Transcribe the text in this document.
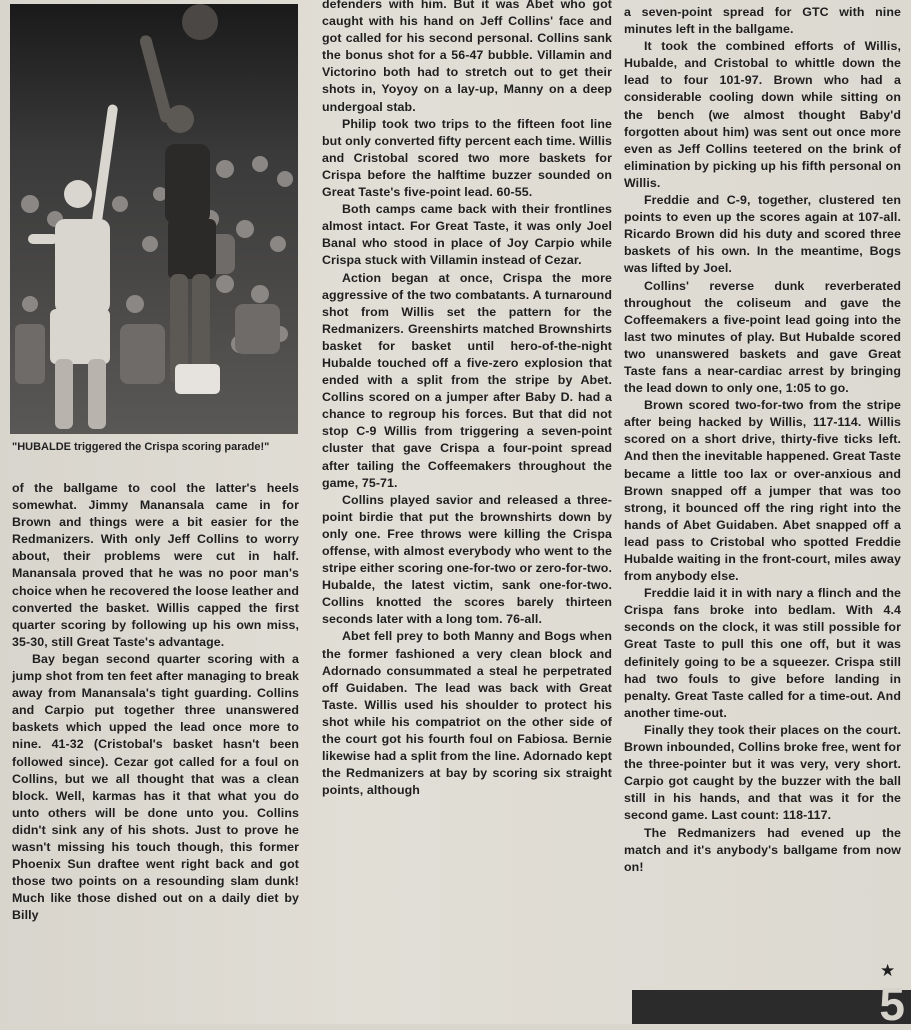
"HUBALDE triggered the Crispa scoring parade!"

of the ballgame to cool the latter's heels somewhat. Jimmy Manansala came in for Brown and things were a bit easier for the Redmanizers. With only Jeff Collins to worry about, their problems were cut in half. Manansala proved that he was no poor man's choice when he recovered the loose leather and converted the basket. Willis capped the first quarter scoring by following up his own miss, 35-30, still Great Taste's advantage.

Bay began second quarter scoring with a jump shot from ten feet after managing to break away from Manansala's tight guarding. Collins and Carpio put together three unanswered baskets which upped the lead once more to nine. 41-32 (Cristobal's basket hasn't been followed since). Cezar got called for a foul on Collins, but we all thought that was a clean block. Well, karmas has it that what you do unto others will be done unto you. Collins didn't sink any of his shots. Just to prove he wasn't missing his touch though, this former Phoenix Sun draftee went right back and got those two points on a resounding slam dunk! Much like those dished out on a daily diet by Billy

defenders with him. But it was Abet who got caught with his hand on Jeff Collins' face and got called for his second personal. Collins sank the bonus shot for a 56-47 bubble. Villamin and Victorino both had to stretch out to get their shots in, Yoyoy on a lay-up, Manny on a deep undergoal stab.

Philip took two trips to the fifteen foot line but only converted fifty percent each time. Willis and Cristobal scored two more baskets for Crispa before the halftime buzzer sounded on Great Taste's five-point lead. 60-55.

Both camps came back with their frontlines almost intact. For Great Taste, it was only Joel Banal who stood in place of Joy Carpio while Crispa stuck with Villamin instead of Cezar.

Action began at once, Crispa the more aggressive of the two combatants. A turnaround shot from Willis set the pattern for the Redmanizers. Greenshirts matched Brownshirts basket for basket until hero-of-the-night Hubalde touched off a five-zero explosion that ended with a split from the stripe by Abet. Collins scored on a jumper after Baby D. had a chance to regroup his forces. But that did not stop C-9 Willis from triggering a seven-point cluster that gave Crispa a four-point spread after tailing the Coffeemakers throughout the game, 75-71.

Collins played savior and released a three-point birdie that put the brownshirts down by only one. Free throws were killing the Crispa offense, with almost everybody who went to the stripe either scoring one-for-two or zero-for-two. Hubalde, the latest victim, sank one-for-two. Collins knotted the scores barely thirteen seconds later with a long tom. 76-all.

Abet fell prey to both Manny and Bogs when the former fashioned a very clean block and Adornado consummated a steal he perpetrated off Guidaben. The lead was back with Great Taste. Willis used his shoulder to protect his shot while his compatriot on the other side of the court got his fourth foul on Fabiosa. Bernie likewise had a split from the line. Adornado kept the Redmanizers at bay by scoring six straight points, although

a seven-point spread for GTC with nine minutes left in the ballgame.

It took the combined efforts of Willis, Hubalde, and Cristobal to whittle down the lead to four 101-97. Brown who had a considerable cooling down while sitting on the bench (we almost thought Baby'd forgotten about him) was sent out once more even as Jeff Collins teetered on the brink of elimination by picking up his fifth personal on Willis.

Freddie and C-9, together, clustered ten points to even up the scores again at 107-all. Ricardo Brown did his duty and scored three baskets of his own. In the meantime, Bogs was lifted by Joel.

Collins' reverse dunk reverberated throughout the coliseum and gave the Coffeemakers a five-point lead going into the last two minutes of play. But Hubalde scored two unanswered baskets and gave Great Taste fans a near-cardiac arrest by bringing the lead down to only one, 1:05 to go.

Brown scored two-for-two from the stripe after being hacked by Willis, 117-114. Willis scored on a short drive, thirty-five ticks left. And then the inevitable happened. Great Taste became a little too lax or over-anxious and Brown snapped off a jumper that was too strong, it bounced off the ring right into the hands of Abet Guidaben. Abet snapped off a lead pass to Cristobal who spotted Freddie Hubalde waiting in the front-court, miles away from anybody else.

Freddie laid it in with nary a flinch and the Crispa fans broke into bedlam. With 4.4 seconds on the clock, it was still possible for Great Taste to pull this one off, but it was definitely going to be a squeezer. Crispa still had two fouls to give before landing in penalty. Great Taste called for a time-out. And another time-out.

Finally they took their places on the court. Brown inbounded, Collins broke free, went for the three-pointer but it was very, very short. Carpio got caught by the buzzer with the ball still in his hands, and that was it for the second game. Last count: 118-117.

The Redmanizers had evened up the match and it's anybody's ballgame from now on!

★
5
